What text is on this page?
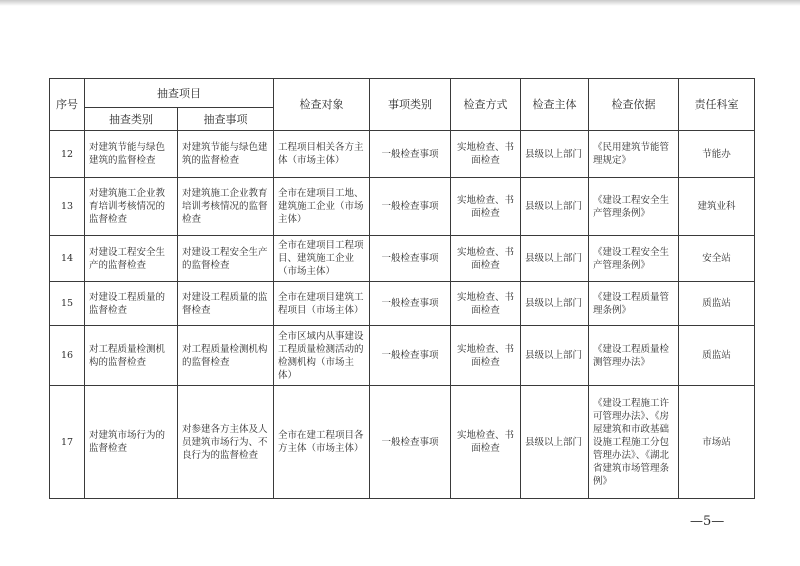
序号	抽查项目		检查对象	事项类别	检查方式	检查主体	检查依据	责任科室
	抽查类别	抽查事项						
12	对建筑节能与绿色建筑的监督检查	对建筑节能与绿色建筑的监督检查	工程项目相关各方主体（市场主体）	一般检查事项	实地检查、书面检查	县级以上部门	《民用建筑节能管理规定》	节能办
13	对建筑施工企业教育培训考核情况的监督检查	对建筑施工企业教育培训考核情况的监督检查	全市在建项目工地、建筑施工企业（市场主体）	一般检查事项	实地检查、书面检查	县级以上部门	《建设工程安全生产管理条例》	建筑业科
14	对建设工程安全生产的监督检查	对建设工程安全生产的监督检查	全市在建项目工程项目、建筑施工企业（市场主体）	一般检查事项	实地检查、书面检查	县级以上部门	《建设工程安全生产管理条例》	安全站
15	对建设工程质量的监督检查	对建设工程质量的监督检查	全市在建项目建筑工程项目（市场主体）	一般检查事项	实地检查、书面检查	县级以上部门	《建设工程质量管理条例》	质监站
16	对工程质量检测机构的监督检查	对工程质量检测机构的监督检查	全市区域内从事建设工程质量检测活动的检测机构（市场主体）	一般检查事项	实地检查、书面检查	县级以上部门	《建设工程质量检测管理办法》	质监站
17	对建筑市场行为的监督检查	对参建各方主体及人员建筑市场行为、不良行为的监督检查	全市在建工程项目各方主体（市场主体）	一般检查事项	实地检查、书面检查	县级以上部门	《建设工程施工许可管理办法》、《房屋建筑和市政基础设施工程施工分包管理办法》、《湖北省建筑市场管理条例》	市场站
—5—
